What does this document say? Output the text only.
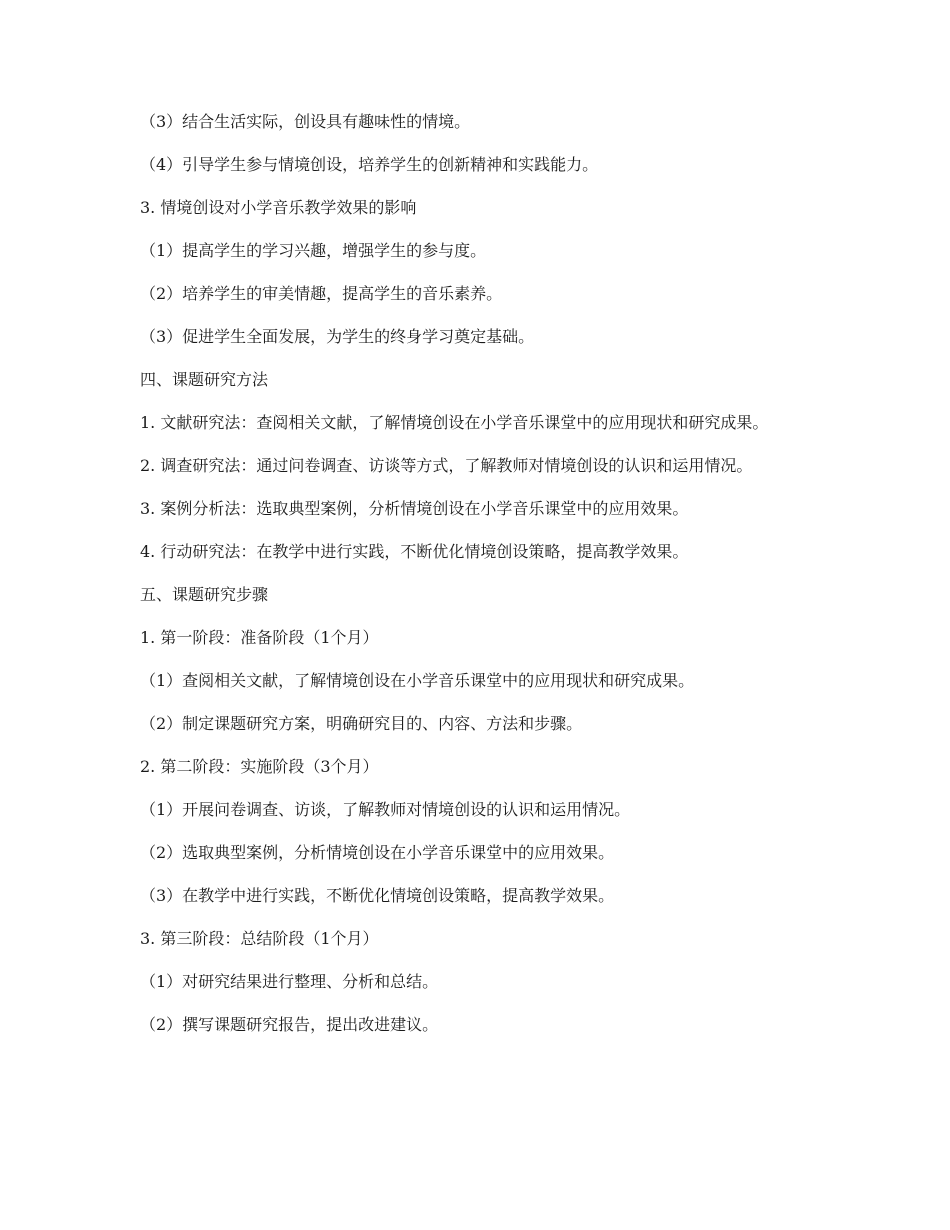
（3）结合生活实际，创设具有趣味性的情境。

（4）引导学生参与情境创设，培养学生的创新精神和实践能力。

3. 情境创设对小学音乐教学效果的影响

（1）提高学生的学习兴趣，增强学生的参与度。

（2）培养学生的审美情趣，提高学生的音乐素养。

（3）促进学生全面发展，为学生的终身学习奠定基础。

四、课题研究方法

1. 文献研究法：查阅相关文献，了解情境创设在小学音乐课堂中的应用现状和研究成果。

2. 调查研究法：通过问卷调查、访谈等方式，了解教师对情境创设的认识和运用情况。

3. 案例分析法：选取典型案例，分析情境创设在小学音乐课堂中的应用效果。

4. 行动研究法：在教学中进行实践，不断优化情境创设策略，提高教学效果。

五、课题研究步骤

1. 第一阶段：准备阶段（1个月）

（1）查阅相关文献，了解情境创设在小学音乐课堂中的应用现状和研究成果。

（2）制定课题研究方案，明确研究目的、内容、方法和步骤。

2. 第二阶段：实施阶段（3个月）

（1）开展问卷调查、访谈，了解教师对情境创设的认识和运用情况。

（2）选取典型案例，分析情境创设在小学音乐课堂中的应用效果。

（3）在教学中进行实践，不断优化情境创设策略，提高教学效果。

3. 第三阶段：总结阶段（1个月）

（1）对研究结果进行整理、分析和总结。

（2）撰写课题研究报告，提出改进建议。
